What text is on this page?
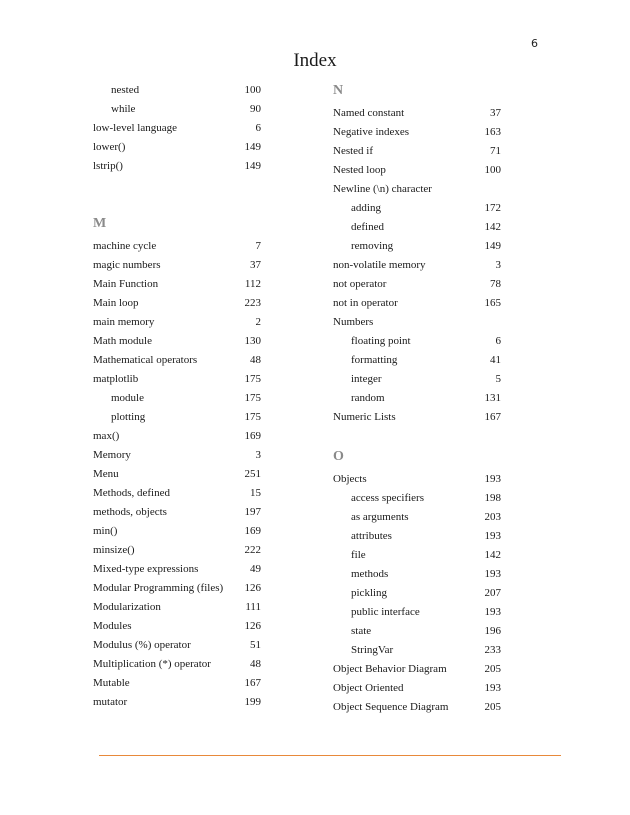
6
Index
nested	100
while	90
low-level language	6
lower()	149
lstrip()	149
M
machine cycle	7
magic numbers	37
Main Function	112
Main loop	223
main memory	2
Math module	130
Mathematical operators	48
matplotlib	175
module	175
plotting	175
max()	169
Memory	3
Menu	251
Methods, defined	15
methods, objects	197
min()	169
minsize()	222
Mixed-type expressions	49
Modular Programming (files) 126
Modularization	111
Modules	126
Modulus (%) operator	51
Multiplication (*) operator	48
Mutable	167
mutator	199
N
Named constant	37
Negative indexes	163
Nested if	71
Nested loop	100
Newline (\n) character
adding	172
defined	142
removing	149
non-volatile memory	3
not operator	78
not in operator	165
Numbers
floating point	6
formatting	41
integer	5
random	131
Numeric Lists	167
O
Objects	193
access specifiers	198
as arguments	203
attributes	193
file	142
methods	193
pickling	207
public interface	193
state	196
StringVar	233
Object Behavior Diagram	205
Object Oriented	193
Object Sequence Diagram	205
